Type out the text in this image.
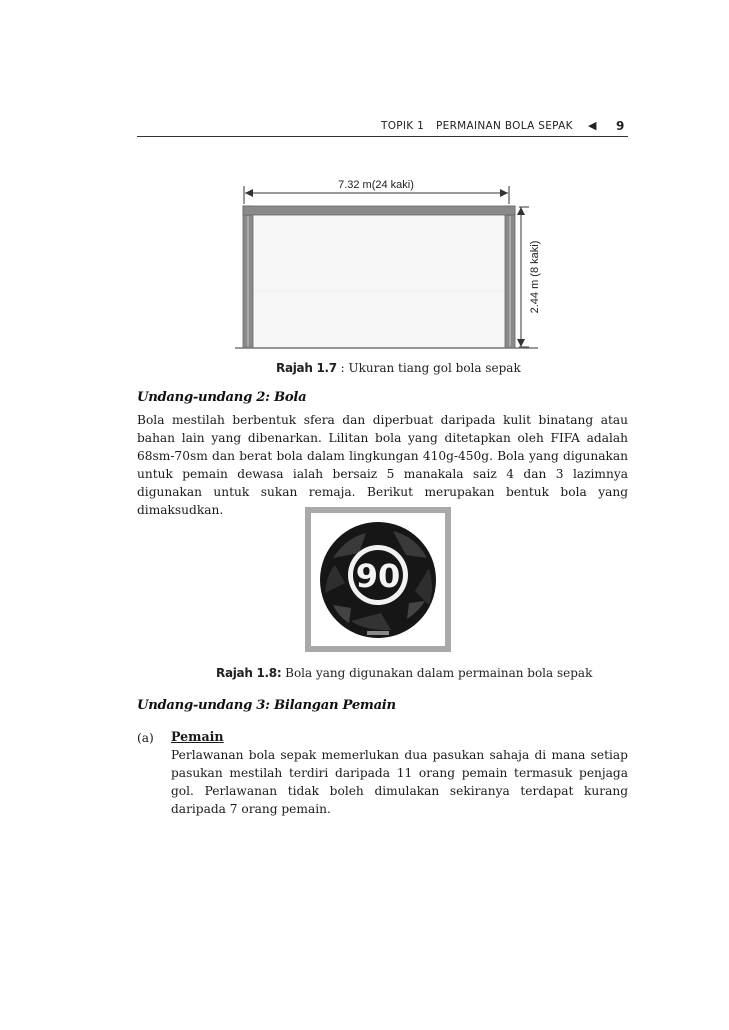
TOPIK 1 PERMAINAN BOLA SEPAK ◀ 9
7.32 m(24 kaki)
2.44 m (8 kaki)
Rajah 1.7 : Ukuran tiang gol bola sepak
Undang-undang 2: Bola

Bola mestilah berbentuk sfera dan diperbuat daripada kulit binatang atau bahan lain yang dibenarkan. Lilitan bola yang ditetapkan oleh FIFA adalah 68sm-70sm dan berat bola dalam lingkungan 410g-450g. Bola yang digunakan untuk pemain dewasa ialah bersaiz 5 manakala saiz 4 dan 3 lazimnya digunakan untuk sukan remaja. Berikut merupakan bentuk bola yang dimaksudkan.

90
Rajah 1.8: Bola yang digunakan dalam permainan bola sepak
Undang-undang 3: Bilangan Pemain
(a) Pemain

Perlawanan bola sepak memerlukan dua pasukan sahaja di mana setiap pasukan mestilah terdiri daripada 11 orang pemain termasuk penjaga gol. Perlawanan tidak boleh dimulakan sekiranya terdapat kurang daripada 7 orang pemain.
